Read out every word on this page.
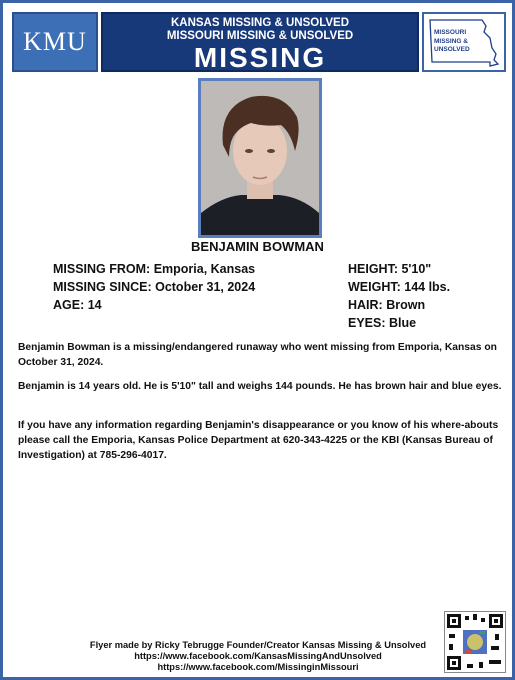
KMU
KANSAS MISSING & UNSOLVED
MISSOURI MISSING & UNSOLVED
MISSING
MISSOURI
MISSING &
UNSOLVED
BENJAMIN BOWMAN
MISSING FROM: Emporia, Kansas
MISSING SINCE: October 31, 2024
AGE: 14
HEIGHT: 5'10"
WEIGHT: 144 lbs.
HAIR: Brown
EYES: Blue

Benjamin Bowman is a missing/endangered runaway who went missing from Emporia, Kansas on October 31, 2024.

Benjamin is 14 years old. He is 5'10" tall and weighs 144 pounds. He has brown hair and blue eyes.

If you have any information regarding Benjamin's disappearance or you know of his where-abouts please call the Emporia, Kansas Police Department at 620-343-4225 or the KBI (Kansas Bureau of Investigation) at 785-296-4017.

Flyer made by Ricky Tebrugge Founder/Creator Kansas Missing & Unsolved
https://www.facebook.com/KansasMissingAndUnsolved
https://www.facebook.com/MissinginMissouri
